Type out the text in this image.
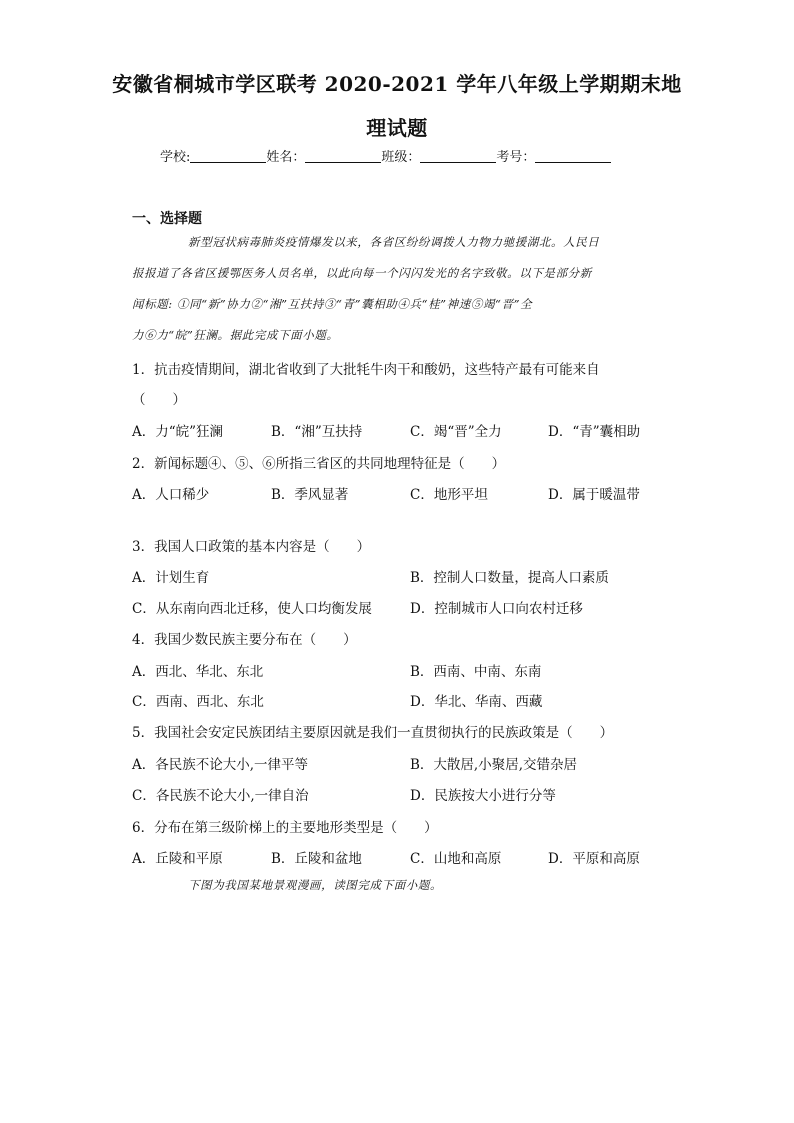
安徽省桐城市学区联考 2020-2021 学年八年级上学期期末地
理试题
学校:	姓名：	班级：	考号：
一、选择题
新型冠状病毒肺炎疫情爆发以来，各省区纷纷调拨人力物力驰援湖北。人民日
报报道了各省区援鄂医务人员名单，以此向每一个闪闪发光的名字致敬。以下是部分新
闻标题: ①同“新”协力②“湘”互扶持③“青”囊相助④兵“桂”神速⑤竭“晋”全
力⑥力“皖”狂澜。据此完成下面小题。
1．抗击疫情期间，湖北省收到了大批牦牛肉干和酸奶，这些特产最有可能来自
（　　）
A．力“皖”狂澜	B．“湘”互扶持	C．竭“晋”全力	D．“青”囊相助
2．新闻标题④、⑤、⑥所指三省区的共同地理特征是（　　）
A．人口稀少	B．季风显著	C．地形平坦	D．属于暖温带
3．我国人口政策的基本内容是（　　）
A．计划生育	B．控制人口数量，提高人口素质
C．从东南向西北迁移，使人口均衡发展	D．控制城市人口向农村迁移
4．我国少数民族主要分布在（　　）
A．西北、华北、东北	B．西南、中南、东南
C．西南、西北、东北	D．华北、华南、西藏
5．我国社会安定民族团结主要原因就是我们一直贯彻执行的民族政策是（　　）
A．各民族不论大小,一律平等	B．大散居,小聚居,交错杂居
C．各民族不论大小,一律自治	D．民族按大小进行分等
6．分布在第三级阶梯上的主要地形类型是（　　）
A．丘陵和平原	B．丘陵和盆地	C．山地和高原	D．平原和高原
下图为我国某地景观漫画，读图完成下面小题。
